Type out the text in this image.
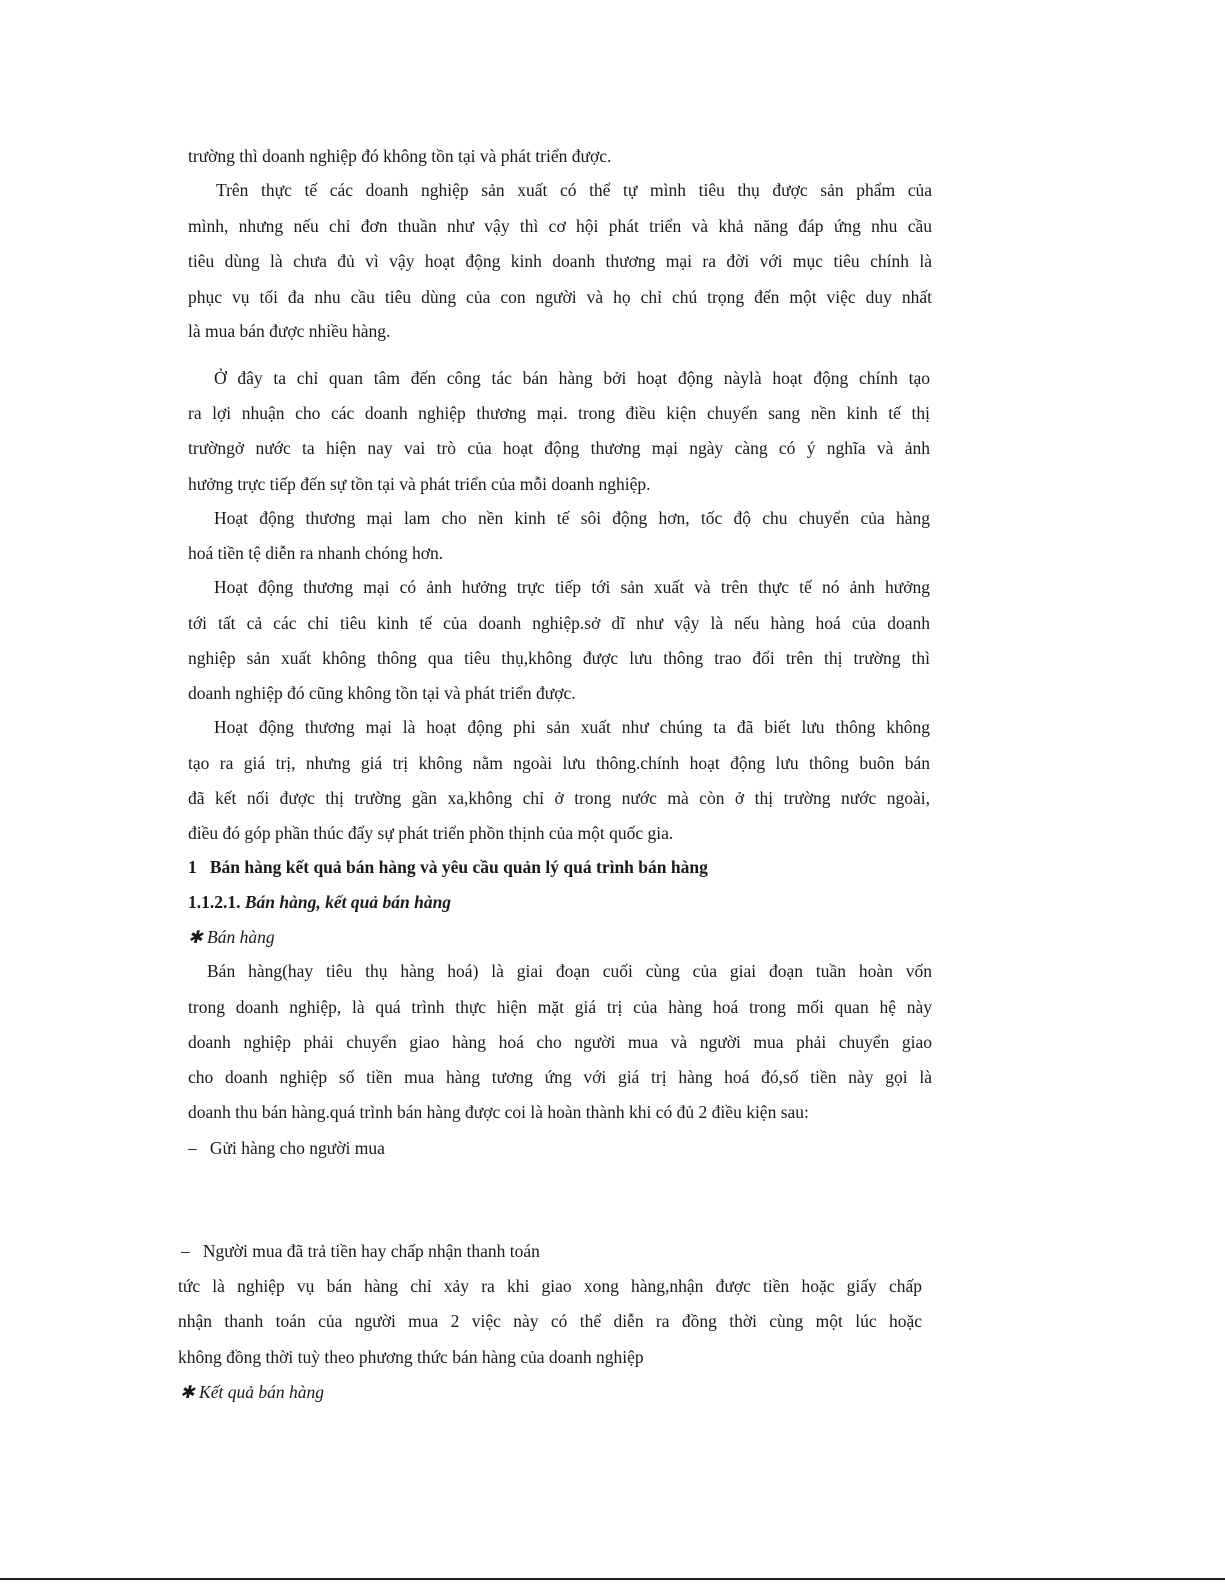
trường thì doanh nghiệp đó không tồn tại và phát triển được.
Trên thực tế các doanh nghiệp sản xuất có thể tự mình tiêu thụ được sản phẩm của
mình, nhưng nếu chỉ đơn thuần như vậy thì cơ hội phát triển và khả năng đáp ứng nhu cầu
tiêu dùng là chưa đủ vì vậy hoạt động kinh doanh thương mại ra đời với mục tiêu chính là
phục vụ tối đa nhu cầu tiêu dùng của con người và họ chỉ chú trọng đến một việc duy nhất
là mua bán được nhiều hàng.
Ở đây ta chỉ quan tâm đến công tác bán hàng bởi hoạt động nàylà hoạt động chính tạo
ra lợi nhuận cho các doanh nghiệp thương mại. trong điều kiện chuyển sang nền kinh tế thị
trườngở nước ta hiện nay vai trò của hoạt động thương mại ngày càng có ý nghĩa và ảnh
hưởng trực tiếp đến sự tồn tại và phát triển của mỗi doanh nghiệp.
Hoạt động thương mại lam cho nền kinh tế sôi động hơn, tốc độ chu chuyển của hàng
hoá tiền tệ diễn ra nhanh chóng hơn.
Hoạt động thương mại có ảnh hưởng trực tiếp tới sản xuất và trên thực tế nó ảnh hưởng
tới tất cả các chỉ tiêu kinh tế của doanh nghiệp.sở dĩ như vậy là nếu hàng hoá của doanh
nghiệp sản xuất không thông qua tiêu thụ,không được lưu thông trao đổi trên thị trường thì
doanh nghiệp đó cũng không tồn tại và phát triển được.
Hoạt động thương mại là hoạt động phi sản xuất như chúng ta đã biết lưu thông không
tạo ra giá trị, nhưng giá trị không nằm ngoài lưu thông.chính hoạt động lưu thông buôn bán
đã kết nối được thị trường gần xa,không chỉ ở trong nước mà còn ở thị trường nước ngoài,
điều đó góp phần thúc đẩy sự phát triển phồn thịnh của một quốc gia.
1   Bán hàng kết quả bán hàng và yêu cầu quản lý quá trình bán hàng
1.1.2.1. Bán hàng, kết quả bán hàng
✱ Bán hàng
Bán hàng(hay tiêu thụ hàng hoá) là giai đoạn cuối cùng của giai đoạn tuần hoàn vốn
trong doanh nghiệp, là quá trình thực hiện mặt giá trị của hàng hoá trong mối quan hệ này
doanh nghiệp phải chuyển giao hàng hoá cho người mua và người mua phải chuyển giao
cho doanh nghiệp số tiền mua hàng tương ứng với giá trị hàng hoá đó,số tiền này gọi là
doanh thu bán hàng.quá trình bán hàng được coi là hoàn thành khi có đủ 2 điều kiện sau:
–   Gửi hàng cho người mua
–   Người mua đã trả tiền hay chấp nhận thanh toán
tức là nghiệp vụ bán hàng chỉ xảy ra khi giao xong hàng,nhận được tiền hoặc giấy chấp
nhận thanh toán của người mua 2 việc này có thể diễn ra đồng thời cùng một lúc hoặc
không đồng thời tuỳ theo phương thức bán hàng của doanh nghiệp
✱ Kết quả bán hàng
